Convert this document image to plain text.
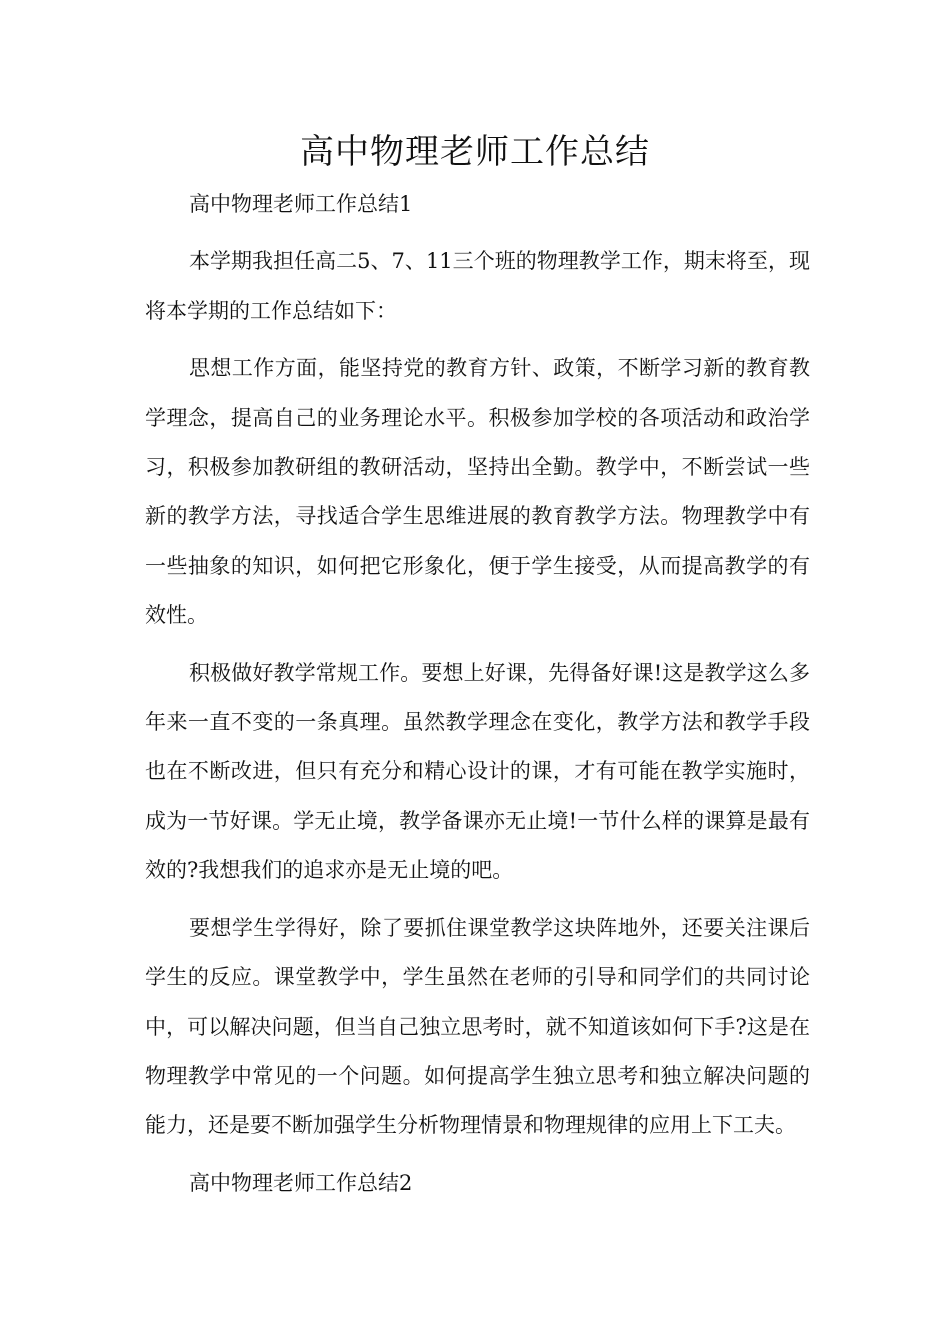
高中物理老师工作总结

高中物理老师工作总结1

本学期我担任高二5、7、11三个班的物理教学工作，期末将至，现将本学期的工作总结如下：

思想工作方面，能坚持党的教育方针、政策，不断学习新的教育教学理念，提高自己的业务理论水平。积极参加学校的各项活动和政治学习，积极参加教研组的教研活动，坚持出全勤。教学中，不断尝试一些新的教学方法，寻找适合学生思维进展的教育教学方法。物理教学中有一些抽象的知识，如何把它形象化，便于学生接受，从而提高教学的有效性。

积极做好教学常规工作。要想上好课，先得备好课!这是教学这么多年来一直不变的一条真理。虽然教学理念在变化，教学方法和教学手段也在不断改进，但只有充分和精心设计的课，才有可能在教学实施时，成为一节好课。学无止境，教学备课亦无止境!一节什么样的课算是最有效的?我想我们的追求亦是无止境的吧。

要想学生学得好，除了要抓住课堂教学这块阵地外，还要关注课后学生的反应。课堂教学中，学生虽然在老师的引导和同学们的共同讨论中，可以解决问题，但当自己独立思考时，就不知道该如何下手?这是在物理教学中常见的一个问题。如何提高学生独立思考和独立解决问题的能力，还是要不断加强学生分析物理情景和物理规律的应用上下工夫。

高中物理老师工作总结2
